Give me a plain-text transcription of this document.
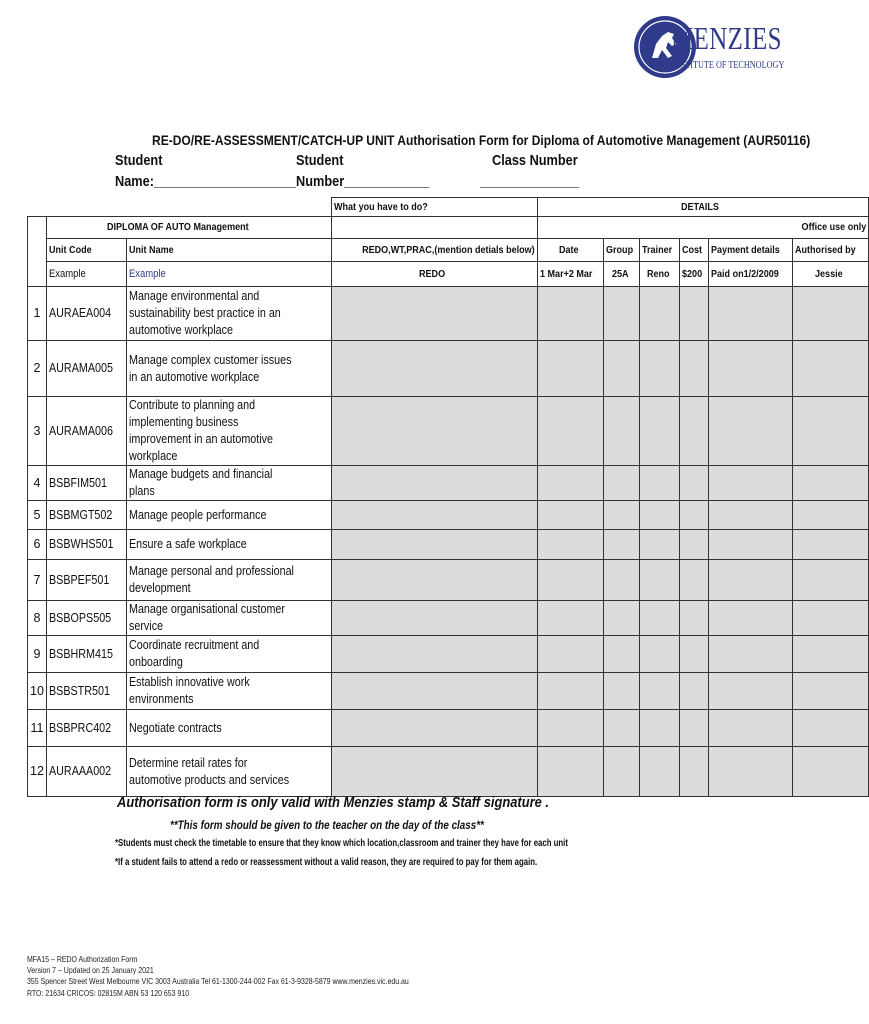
MENZIES
INSTITUTE OF TECHNOLOGY
RE-DO/RE-ASSESSMENT/CATCH-UP UNIT Authorisation Form for Diploma of Automotive Management (AUR50116)
Student
Name:____________________
Student
Number____________
Class Number
______________
			What you have to do?	DETAILS					
	DIPLOMA OF AUTO Management			Office use only					
	Unit Code	Unit Name	REDO,WT,PRAC,(mention detials below)	Date	Group	Trainer	Cost	Payment details	Authorised by
	Example	Example	REDO	1 Mar+2 Mar	25A	Reno	$200	Paid on1/2/2009	Jessie
1	AURAEA004	Manage environmental and sustainability best practice in an automotive workplace							

2	AURAMA005	Manage complex customer issues in an automotive workplace							

3	AURAMA006	Contribute to planning and implementing business improvement in an automotive workplace							

4	BSBFIM501	Manage budgets and financial plans							

5	BSBMGT502	Manage people performance							

6	BSBWHS501	Ensure a safe workplace							

7	BSBPEF501	Manage personal and professional development							

8	BSBOPS505	Manage organisational customer service							

9	BSBHRM415	Coordinate recruitment and onboarding							

10	BSBSTR501	Establish innovative work environments							

11	BSBPRC402	Negotiate contracts							

12	AURAAA002	Determine retail rates for automotive products and services							

Authorisation form is only valid with Menzies stamp & Staff signature .
**This form should be given to the teacher on the day of the class**
*Students must check the timetable to ensure that they know which location,classroom and trainer they have for each unit
*If a student fails to attend a redo or reassessment without a valid reason, they are required to pay for them again.
MFA15 – REDO Authorization Form
Version 7 – Updated on 25 January 2021
355 Spencer Street West Melbourne VIC 3003 Australia Tel 61-1300-244-002 Fax 61-3-9328-5879 www.menzies.vic.edu.au
RTO: 21634 CRICOS: 02815M ABN 53 120 653 910
